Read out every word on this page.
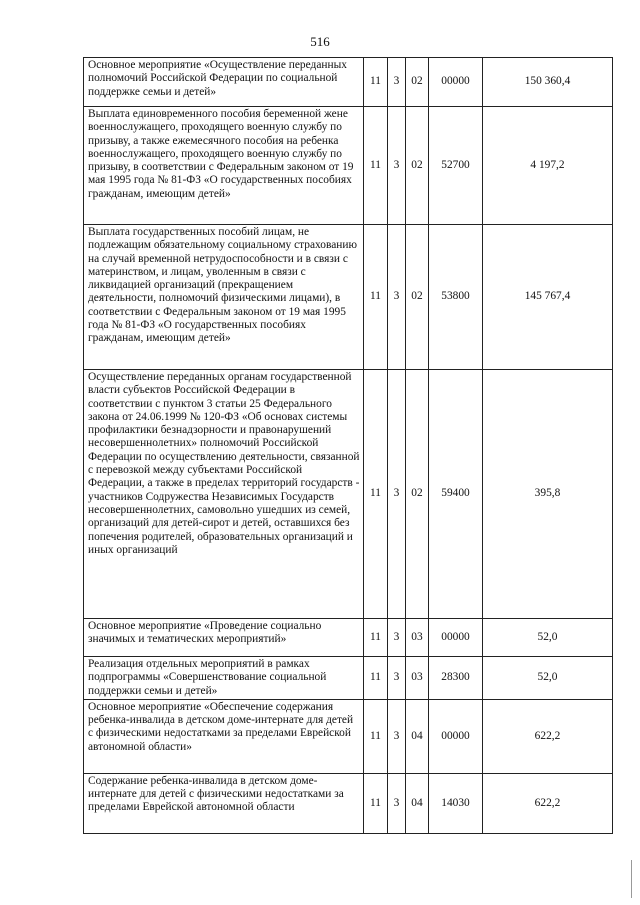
516
Основное мероприятие «Осуществление переданных полномочий Российской Федерации по социальной поддержке семьи и детей»	11	3	02	00000	150 360,4
Выплата единовременного пособия беременной жене военнослужащего, проходящего военную службу по призыву, а также ежемесячного пособия на ребенка военнослужащего, проходящего военную службу по призыву, в соответствии с Федеральным законом от 19 мая 1995 года № 81-ФЗ «О государственных пособиях гражданам, имеющим детей»	11	3	02	52700	4 197,2
Выплата государственных пособий лицам, не подлежащим обязательному социальному страхованию на случай временной нетрудоспособности и в связи с материнством, и лицам, уволенным в связи с ликвидацией организаций (прекращением деятельности, полномочий физическими лицами), в соответствии с Федеральным законом от 19 мая 1995 года № 81-ФЗ «О государственных пособиях гражданам, имеющим детей»	11	3	02	53800	145 767,4
Осуществление переданных органам государственной власти субъектов Российской Федерации в соответствии с пунктом 3 статьи 25 Федерального закона от 24.06.1999 № 120-ФЗ «Об основах системы профилактики безнадзорности и правонарушений несовершеннолетних» полномочий Российской Федерации по осуществлению деятельности, связанной с перевозкой между субъектами Российской Федерации, а также в пределах территорий государств - участников Содружества Независимых Государств несовершеннолетних, самовольно ушедших из семей, организаций для детей-сирот и детей, оставшихся без попечения родителей, образовательных организаций и иных организаций	11	3	02	59400	395,8
Основное мероприятие «Проведение социально значимых и тематических мероприятий»	11	3	03	00000	52,0
Реализация отдельных мероприятий в рамках подпрограммы «Совершенствование социальной поддержки семьи и детей»	11	3	03	28300	52,0
Основное мероприятие «Обеспечение содержания ребенка-инвалида в детском доме-интернате для детей с физическими недостатками за пределами Еврейской автономной области»	11	3	04	00000	622,2
Содержание ребенка-инвалида в детском доме-интернате для детей с физическими недостатками за пределами Еврейской автономной области	11	3	04	14030	622,2
